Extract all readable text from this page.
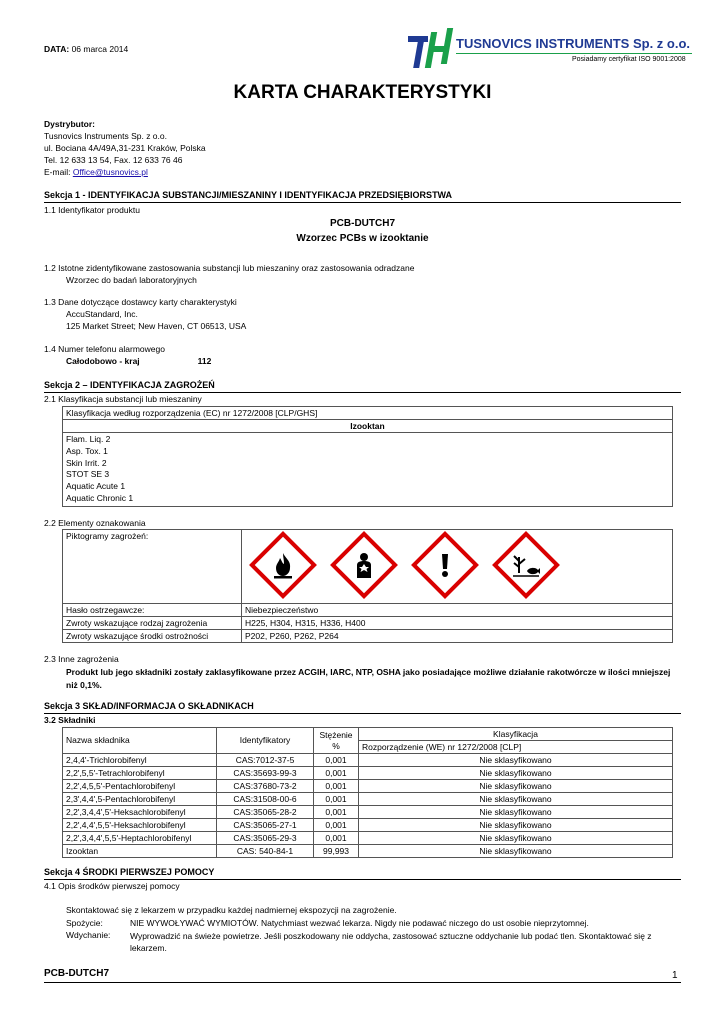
DATA: 06 marca 2014	TUSNOVICS INSTRUMENTS Sp. z o.o.
Posiadamy certyfikat ISO 9001:2008
KARTA CHARAKTERYSTYKI
Dystrybutor:
Tusnovics Instruments Sp. z o.o.
ul. Bociana 4A/49A,31-231 Kraków, Polska
Tel. 12 633 13 54, Fax. 12 633 76 46
E-mail: Office@tusnovics.pl
Sekcja 1 - IDENTYFIKACJA SUBSTANCJI/MIESZANINY I IDENTYFIKACJA PRZEDSIĘBIORSTWA
1.1 Identyfikator produktu
PCB-DUTCH7
Wzorzec PCBs w izooktanie
1.2 Istotne zidentyfikowane zastosowania substancji lub mieszaniny oraz zastosowania odradzane
Wzorzec do badań laboratoryjnych
1.3 Dane dotyczące dostawcy karty charakterystyki
AccuStandard, Inc.
125 Market Street; New Haven, CT 06513, USA
1.4 Numer telefonu alarmowego
Całodobowo - kraj	112
Sekcja 2 – IDENTYFIKACJA ZAGROŻEŃ
2.1 Klasyfikacja substancji lub mieszaniny
Klasyfikacja według rozporządzenia (EC) nr 1272/2008 [CLP/GHS]
Izooktan

Flam. Liq. 2
Asp. Tox. 1
Skin Irrit. 2
STOT SE 3
Aquatic Acute 1
Aquatic Chronic 1
2.2 Elementy oznakowania
Piktogramy zagrożeń:	

Hasło ostrzegawcze:	Niebezpieczeństwo
Zwroty wskazujące rodzaj zagrożenia	H225, H304, H315, H336, H400
Zwroty wskazujące środki ostrożności	P202, P260, P262, P264
2.3 Inne zagrożenia
Produkt lub jego składniki zostały zaklasyfikowane przez ACGIH, IARC, NTP, OSHA jako posiadające możliwe działanie rakotwórcze w ilości mniejszej niż 0,1%.
Sekcja 3 SKŁAD/INFORMACJA O SKŁADNIKACH
3.2 Składniki
Nazwa składnika	Identyfikatory	Stężenie %	Klasyfikacja
			Rozporządzenie (WE) nr 1272/2008 [CLP]
2,4,4'-Trichlorobifenyl	CAS:7012-37-5	0,001	Nie sklasyfikowano
2,2',5,5'-Tetrachlorobifenyl	CAS:35693-99-3	0,001	Nie sklasyfikowano
2,2',4,5,5'-Pentachlorobifenyl	CAS:37680-73-2	0,001	Nie sklasyfikowano
2,3',4,4',5-Pentachlorobifenyl	CAS:31508-00-6	0,001	Nie sklasyfikowano
2,2',3,4,4',5'-Heksachlorobifenyl	CAS:35065-28-2	0,001	Nie sklasyfikowano
2,2',4,4',5,5'-Heksachlorobifenyl	CAS:35065-27-1	0,001	Nie sklasyfikowano
2,2',3,4,4',5,5'-Heptachlorobifenyl	CAS:35065-29-3	0,001	Nie sklasyfikowano
Izooktan	CAS: 540-84-1	99,993	Nie sklasyfikowano
Sekcja 4 ŚRODKI PIERWSZEJ POMOCY
4.1 Opis środków pierwszej pomocy
Skontaktować się z lekarzem w przypadku każdej nadmiernej ekspozycji na zagrożenie.
Spożycie:	NIE WYWOŁYWAĆ WYMIOTÓW. Natychmiast wezwać lekarza. Nigdy nie podawać niczego do ust osobie nieprzytomnej.
Wdychanie: Wyprowadzić na świeże powietrze. Jeśli poszkodowany nie oddycha, zastosować sztuczne oddychanie lub podać tlen. Skontaktować się z lekarzem.
PCB-DUTCH7	1
